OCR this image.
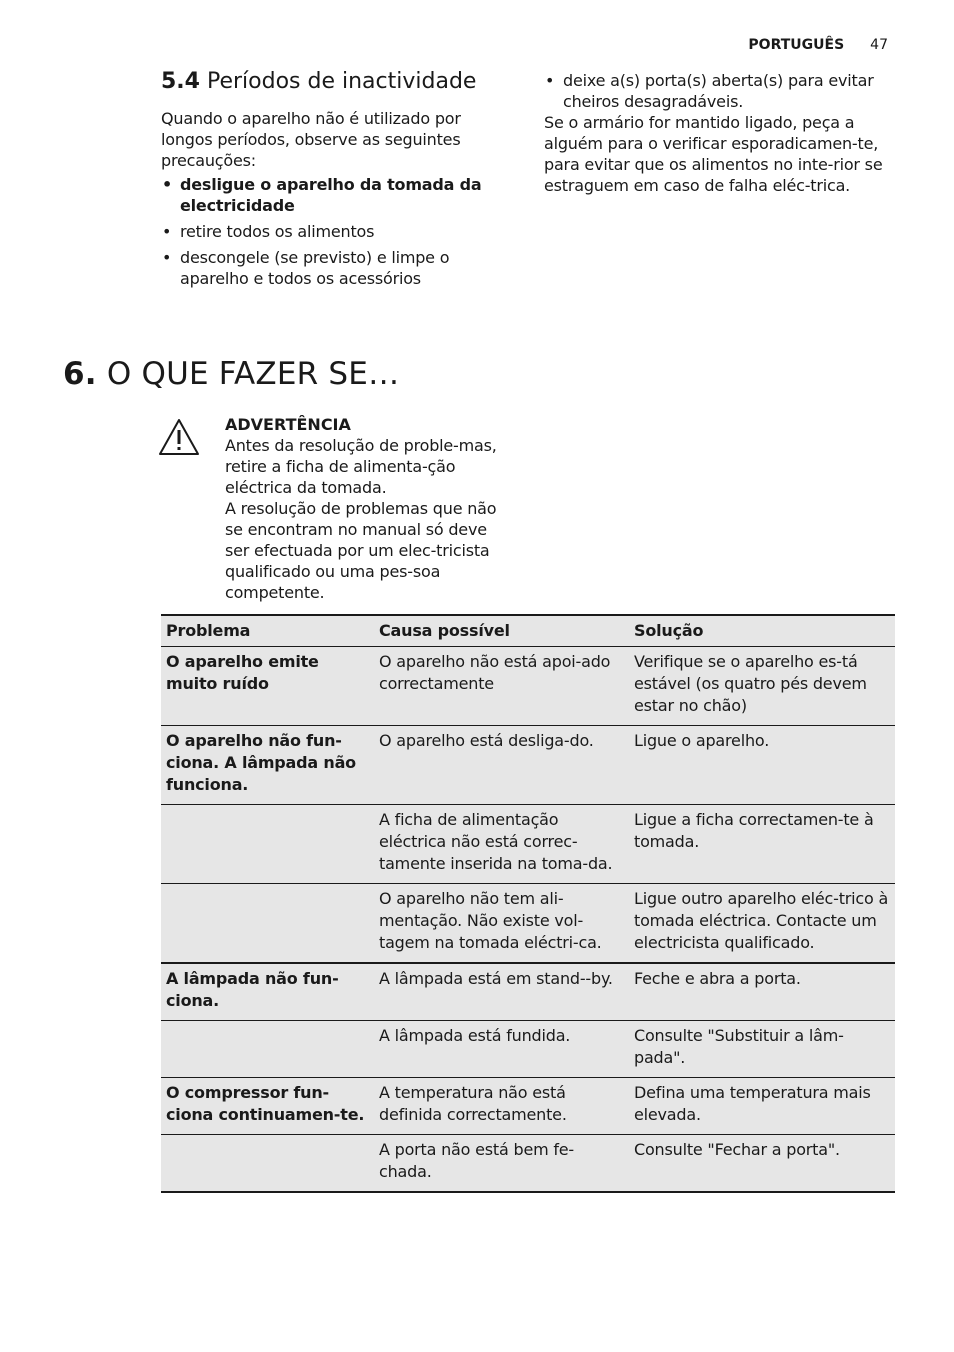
PORTUGUÊS 47
5.4 Períodos de inactividade

Quando o aparelho não é utilizado por longos períodos, observe as seguintes precauções:

• desligue o aparelho da tomada da electricidade
• retire todos os alimentos
• descongele (se previsto) e limpe o aparelho e todos os acessórios
• deixe a(s) porta(s) aberta(s) para evitar cheiros desagradáveis.

Se o armário for mantido ligado, peça a alguém para o verificar esporadicamen-te, para evitar que os alimentos no inte-rior se estraguem em caso de falha eléc-trica.

6. O QUE FAZER SE…
ADVERTÊNCIA

Antes da resolução de proble-mas, retire a ficha de alimenta-ção eléctrica da tomada.

A resolução de problemas que não se encontram no manual só deve ser efectuada por um elec-tricista qualificado ou uma pes-soa competente.

Problema	Causa possível	Solução
O aparelho emite muito ruído	O aparelho não está apoi-ado correctamente	Verifique se o aparelho es-tá estável (os quatro pés devem estar no chão)
O aparelho não fun-ciona. A lâmpada não funciona.	O aparelho está desliga-do.	Ligue o aparelho.
	A ficha de alimentação eléctrica não está correc-tamente inserida na toma-da.	Ligue a ficha correctamen-te à tomada.
	O aparelho não tem ali-mentação. Não existe vol-tagem na tomada eléctri-ca.	Ligue outro aparelho eléc-trico à tomada eléctrica. Contacte um electricista qualificado.
A lâmpada não fun-ciona.	A lâmpada está em stand--by.	Feche e abra a porta.
	A lâmpada está fundida.	Consulte "Substituir a lâm-pada".
O compressor fun-ciona continuamen-te.	A temperatura não está definida correctamente.	Defina uma temperatura mais elevada.
	A porta não está bem fe-chada.	Consulte "Fechar a porta".
